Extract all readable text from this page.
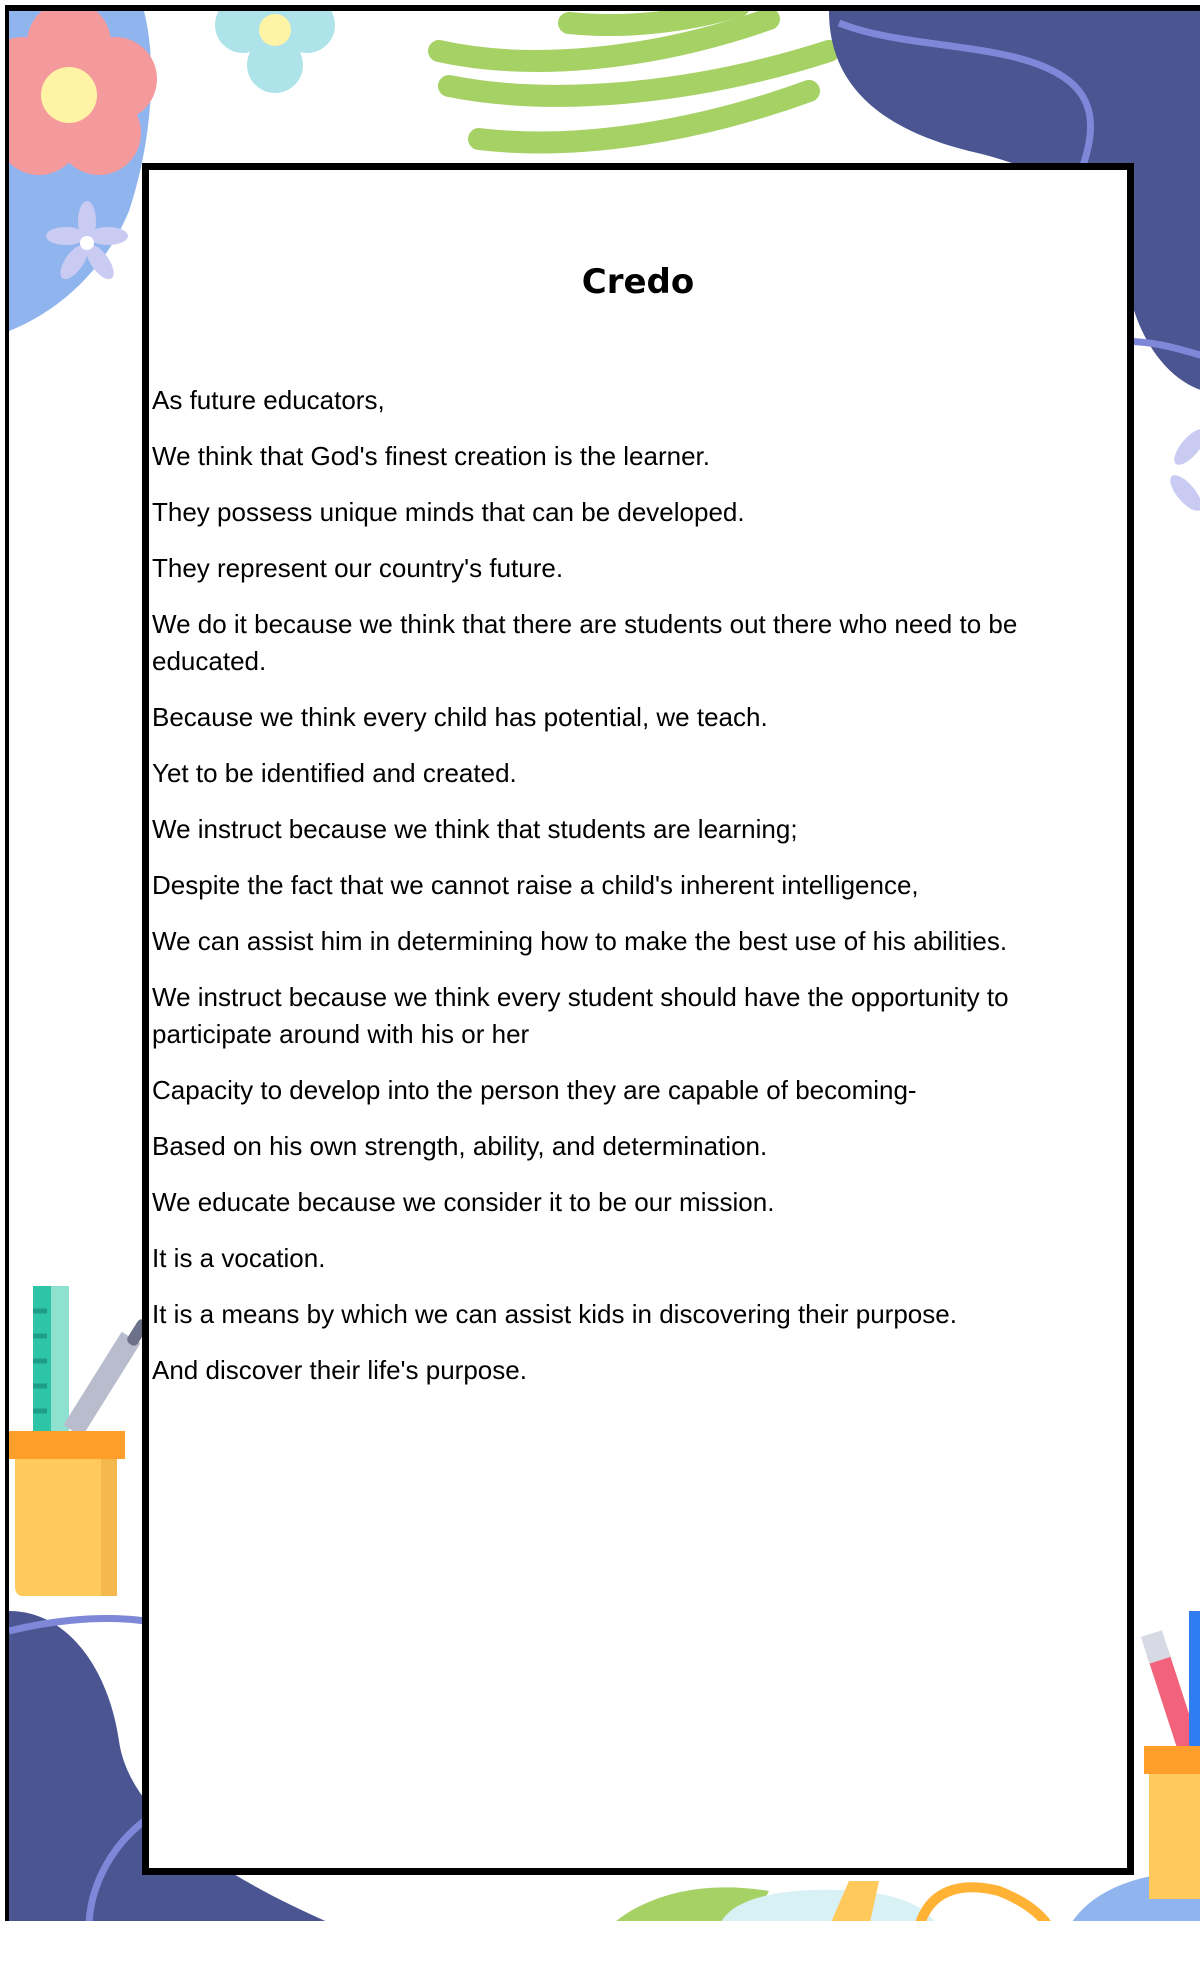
Credo

As future educators,

We think that God's finest creation is the learner.

They possess unique minds that can be developed.

They represent our country's future.

We do it because we think that there are students out there who need to be educated.

Because we think every child has potential, we teach.

Yet to be identified and created.

We instruct because we think that students are learning;

Despite the fact that we cannot raise a child's inherent intelligence,

We can assist him in determining how to make the best use of his abilities.

We instruct because we think every student should have the opportunity to participate around with his or her

Capacity to develop into the person they are capable of becoming-

Based on his own strength, ability, and determination.

We educate because we consider it to be our mission.

It is a vocation.

It is a means by which we can assist kids in discovering their purpose.

And discover their life's purpose.
